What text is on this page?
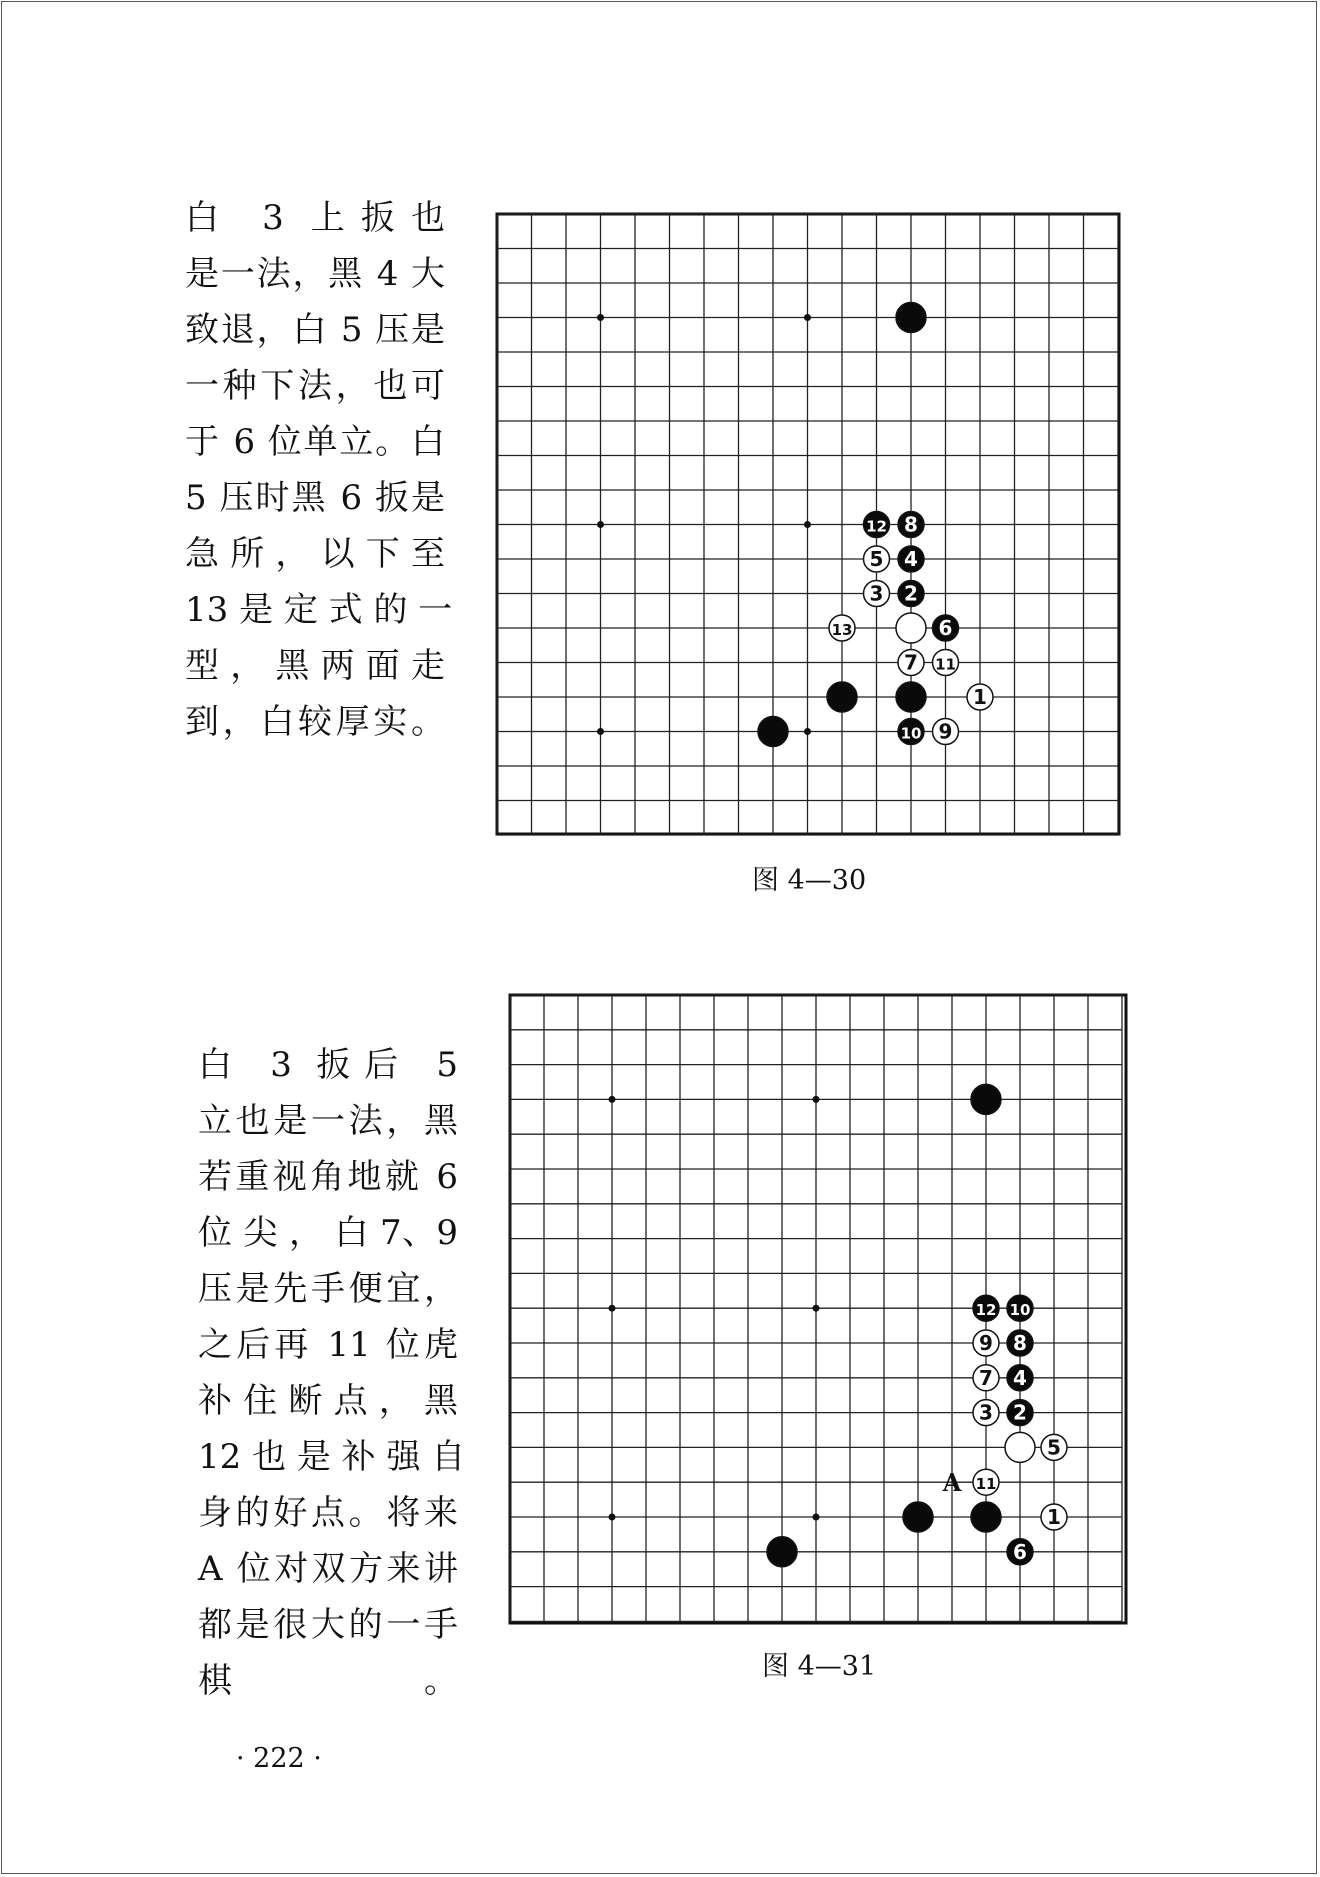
白 3 上扳也
是一法，黑 4 大
致退，白 5 压是
一种下法，也可
于 6 位单立。白
5 压时黑 6 扳是
急 所 ， 以 下 至
13 是 定 式 的 一
型 ， 黑 两 面 走
到，白较厚实。
12 8
5 4
3 2
13	6
7 11
1
10 9
图 4—30
白 3 扳后 5
立也是一法，黑
若重视角地就 6
位 尖 ， 白 7、9
压是先手便宜，
之后再 11 位虎
补 住 断 点 ， 黑
12 也 是 补 强 自
身的好点。将来
A 位对双方来讲
都是很大的一手
棋。
12 10
9 8
7 4
3 2
5
11
1
6
A
图 4—31
· 222 ·
